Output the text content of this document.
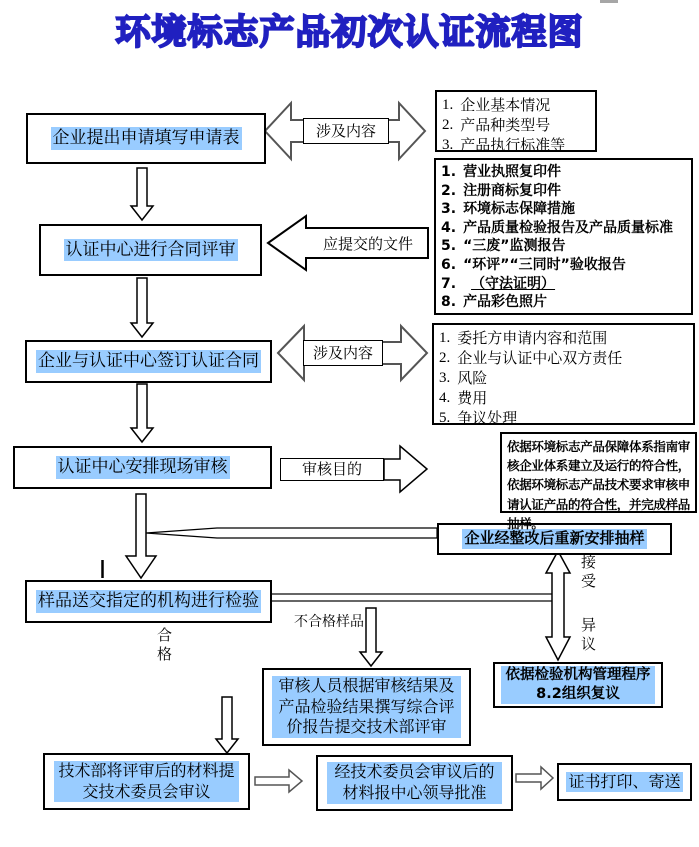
环境标志产品初次认证流程图
企业提出申请填写申请表
认证中心进行合同评审
企业与认证中心签订认证合同
认证中心安排现场审核
样品送交指定的机构进行检验
审核人员根据审核结果及产品检验结果撰写综合评价报告提交技术部评审
技术部将评审后的材料提交技术委员会审议
经技术委员会审议后的材料报中心领导批准
证书打印、寄送
企业经整改后重新安排抽样
依据检验机构管理程序8.2组织复议
1. 企业基本情况
2. 产品种类型号
3. 产品执行标准等
1. 营业执照复印件
2. 注册商标复印件
3. 环境标志保障措施
4. 产品质量检验报告及产品质量标准
5. “三废”监测报告
6. “环评”“三同时”验收报告
7. （守法证明）
8. 产品彩色照片
1. 委托方申请内容和范围
2. 企业与认证中心双方责任
3. 风险
4. 费用
5. 争议处理
依据环境标志产品保障体系指南审核企业体系建立及运行的符合性，依据环境标志产品技术要求审核申请认证产品的符合性，并完成样品抽样。
涉及内容
应提交的文件
涉及内容
审核目的
不合格样品
合格
接受
异议
